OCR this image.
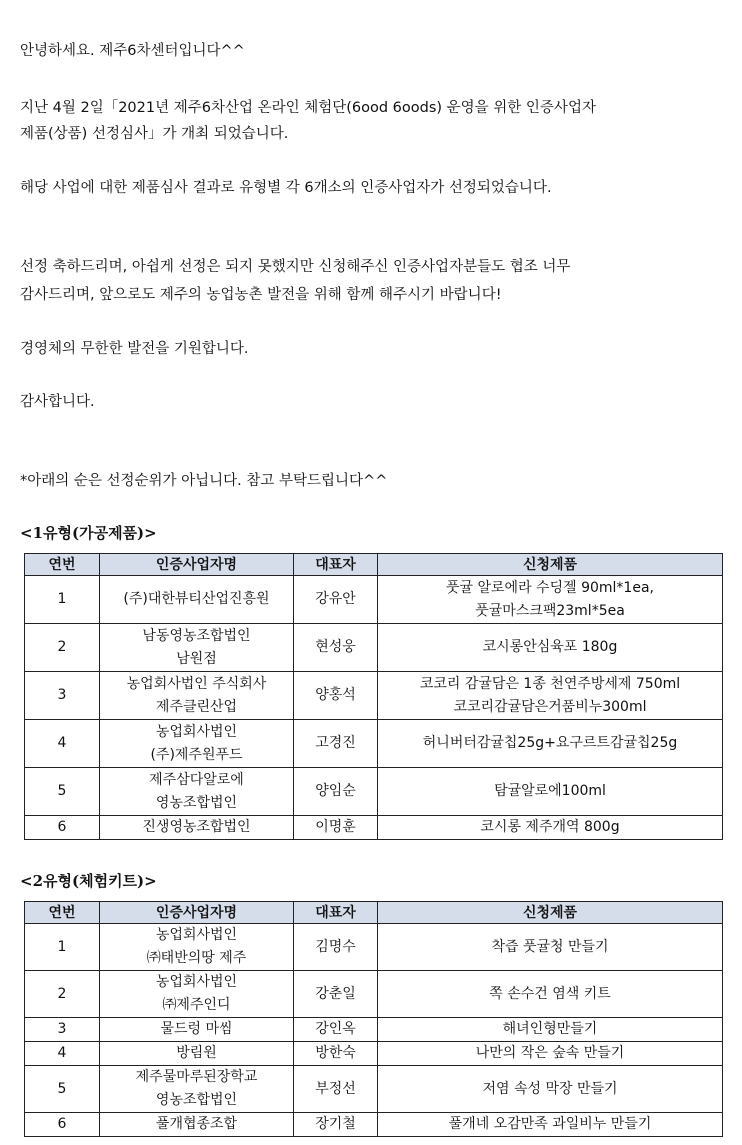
안녕하세요. 제주6차센터입니다^^

지난 4월 2일「2021년 제주6차산업 온라인 체험단(6ood 6oods) 운영을 위한 인증사업자

제품(상품) 선정심사」가 개최 되었습니다.

해당 사업에 대한 제품심사 결과로 유형별 각 6개소의 인증사업자가 선정되었습니다.

선정 축하드리며, 아쉽게 선정은 되지 못했지만 신청해주신 인증사업자분들도 협조 너무

감사드리며, 앞으로도 제주의 농업농촌 발전을 위해 함께 해주시기 바랍니다!

경영체의 무한한 발전을 기원합니다.

감사합니다.

*아래의 순은 선정순위가 아닙니다. 참고 부탁드립니다^^

<1유형(가공제품)>

연번	인증사업자명	대표자	신청제품
1	(주)대한뷰티산업진흥원	강유안	풋귤 알로에라 수딩젤 90ml*1ea,
풋귤마스크팩23ml*5ea

2	남동영농조합법인
남원점	현성웅	코시롱안심육포 180g

3	농업회사법인 주식회사
제주클린산업	양홍석	코코리 감귤담은 1종 천연주방세제 750ml
코코리감귤담은거품비누300ml

4	농업회사법인
(주)제주원푸드	고경진	허니버터감귤칩25g+요구르트감귤칩25g

5	제주삼다알로에
영농조합법인	양임순	탐귤알로에100ml

6	진생영농조합법인	이명훈	코시롱 제주개역 800g

<2유형(체험키트)>

연번	인증사업자명	대표자	신청제품
1	농업회사법인
㈜태반의땅 제주	김명수	착즙 풋귤청 만들기

2	농업회사법인
㈜제주인디	강춘일	쪽 손수건 염색 키트

3	물드렁 마씸	강인옥	해녀인형만들기

4	방림원	방한숙	나만의 작은 숲속 만들기

5	제주물마루된장학교
영농조합법인	부정선	저염 속성 막장 만들기

6	풀개협종조합	장기철	풀개네 오감만족 과일비누 만들기
